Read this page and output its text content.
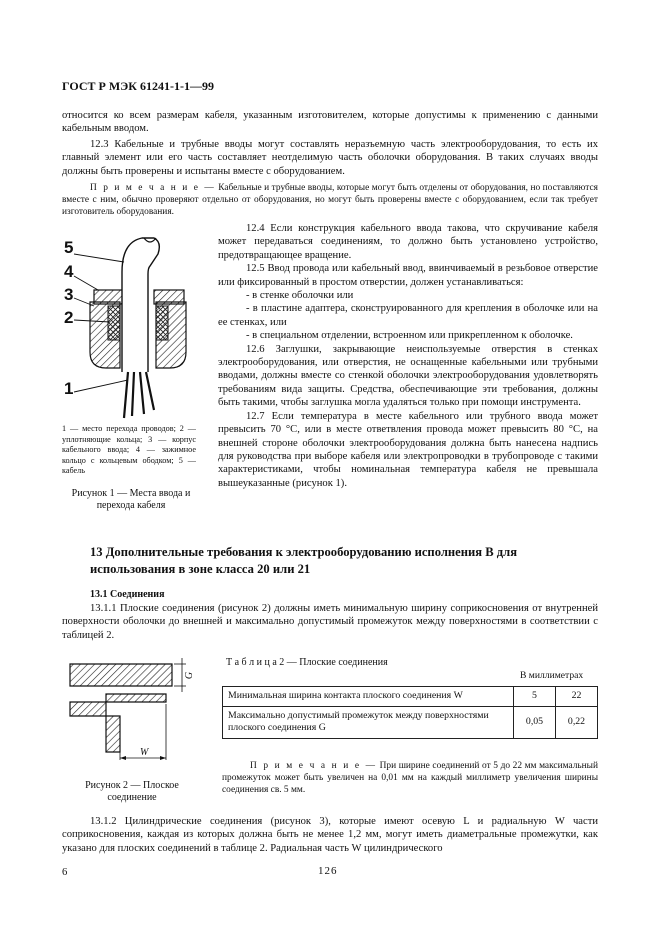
ГОСТ Р МЭК 61241-1-1—99

относится ко всем размерам кабеля, указанным изготовителем, которые допустимы к применению с данными кабельным вводом.

12.3 Кабельные и трубные вводы могут составлять неразъемную часть электрооборудования, то есть их главный элемент или его часть составляет неотделимую часть оболочки оборудования. В таких случаях вводы должны быть проверены и испытаны вместе с оборудованием.

П р и м е ч а н и е — Кабельные и трубные вводы, которые могут быть отделены от оборудования, но поставляются вместе с ним, обычно проверяют отдельно от оборудования, но могут быть проверены вместе с оборудованием, если так требует изготовитель оборудования.
5
4
3
2
1
1 — место перехода проводов; 2 — уплотняющие кольца; 3 — корпус кабельного ввода; 4 — зажимное кольцо с кольцевым ободком; 5 — кабель
Рисунок 1 — Места ввода и перехода кабеля

12.4 Если конструкция кабельного ввода такова, что скручивание кабеля может передаваться соединениям, то должно быть установлено устройство, предотвращающее вращение.

12.5 Ввод провода или кабельный ввод, ввинчиваемый в резьбовое отверстие или фиксированный в простом отверстии, должен устанавливаться:

- в стенке оболочки или

- в пластине адаптера, сконструированного для крепления в оболочке или на ее стенках, или

- в специальном отделении, встроенном или прикрепленном к оболочке.

12.6 Заглушки, закрывающие неиспользуемые отверстия в стенках электрооборудования, или отверстия, не оснащенные кабельными или трубными вводами, должны вместе со стенкой оболочки электрооборудования удовлетворять требованиям вида защиты. Средства, обеспечивающие эти требования, должны быть такими, чтобы заглушка могла удаляться только при помощи инструмента.

12.7 Если температура в месте кабельного или трубного ввода может превысить 70 °С, или в месте ответвления провода может превысить 80 °С, на внешней стороне оболочки электрооборудования должна быть нанесена надпись для руководства при выборе кабеля или электропроводки в трубопроводе с такими характеристиками, чтобы номинальная температура кабеля не превышала вышеуказанные (рисунок 1).

13 Дополнительные требования к электрооборудованию исполнения В для использования в зоне класса 20 или 21
13.1 Соединения

13.1.1 Плоские соединения (рисунок 2) должны иметь минимальную ширину соприкосновения от внутренней поверхности оболочки до внешней и максимально допустимый промежуток между поверхностями в соответствии с таблицей 2.

G
W
Рисунок 2 — Плоское соединение
Т а б л и ц а 2 — Плоские соединения
В миллиметрах
Минимальная ширина контакта плоского соединения W	5	22
Максимально допустимый промежуток между поверхностями плоского соединения G	0,05	0,22
П р и м е ч а н и е — При ширине соединений от 5 до 22 мм максимальный промежуток может быть увеличен на 0,01 мм на каждый миллиметр увеличения ширины соединения св. 5 мм.

13.1.2 Цилиндрические соединения (рисунок 3), которые имеют осевую L и радиальную W части соприкосновения, каждая из которых должна быть не менее 1,2 мм, могут иметь диаметральные промежутки, как указано для плоских соединений в таблице 2. Радиальная часть W цилиндрического

6	126
